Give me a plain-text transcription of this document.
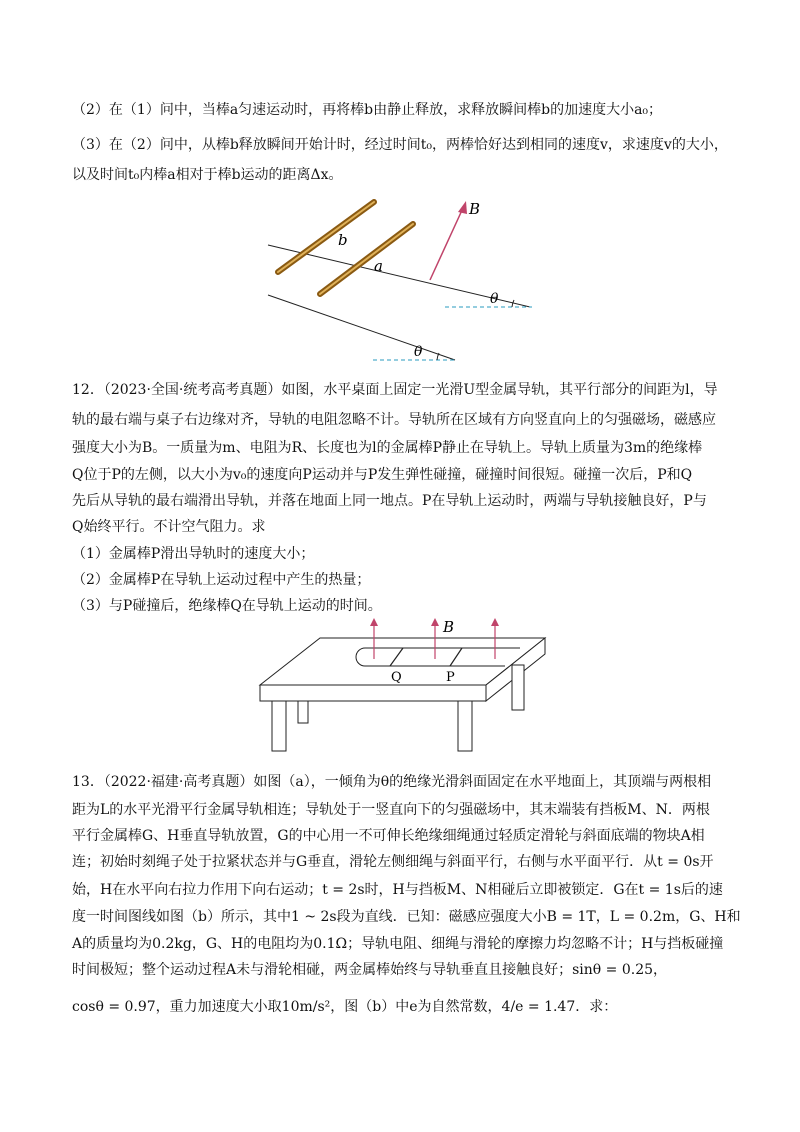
（2）在（1）问中，当棒a匀速运动时，再将棒b由静止释放，求释放瞬间棒b的加速度大小a₀；
（3）在（2）问中，从棒b释放瞬间开始计时，经过时间t₀，两棒恰好达到相同的速度v，求速度v的大小，
以及时间t₀内棒a相对于棒b运动的距离Δx。
B
b
a
θ
θ
12．（2023·全国·统考高考真题）如图，水平桌面上固定一光滑U型金属导轨，其平行部分的间距为l，导
轨的最右端与桌子右边缘对齐，导轨的电阻忽略不计。导轨所在区域有方向竖直向上的匀强磁场，磁感应
强度大小为B。一质量为m、电阻为R、长度也为l的金属棒P静止在导轨上。导轨上质量为3m的绝缘棒
Q位于P的左侧，以大小为v₀的速度向P运动并与P发生弹性碰撞，碰撞时间很短。碰撞一次后，P和Q
先后从导轨的最右端滑出导轨，并落在地面上同一地点。P在导轨上运动时，两端与导轨接触良好，P与
Q始终平行。不计空气阻力。求
（1）金属棒P滑出导轨时的速度大小；
（2）金属棒P在导轨上运动过程中产生的热量；
（3）与P碰撞后，绝缘棒Q在导轨上运动的时间。
B
Q	P
13．（2022·福建·高考真题）如图（a），一倾角为θ的绝缘光滑斜面固定在水平地面上，其顶端与两根相
距为L的水平光滑平行金属导轨相连；导轨处于一竖直向下的匀强磁场中，其末端装有挡板M、N．两根
平行金属棒G、H垂直导轨放置，G的中心用一不可伸长绝缘细绳通过轻质定滑轮与斜面底端的物块A相
连；初始时刻绳子处于拉紧状态并与G垂直，滑轮左侧细绳与斜面平行，右侧与水平面平行．从t = 0s开
始，H在水平向右拉力作用下向右运动；t = 2s时，H与挡板M、N相碰后立即被锁定．G在t = 1s后的速
度一时间图线如图（b）所示，其中1 ~ 2s段为直线．已知：磁感应强度大小B = 1T，L = 0.2m，G、H和
A的质量均为0.2kg，G、H的电阻均为0.1Ω；导轨电阻、细绳与滑轮的摩擦力均忽略不计；H与挡板碰撞
时间极短；整个运动过程A未与滑轮相碰，两金属棒始终与导轨垂直且接触良好；sinθ = 0.25，
cosθ = 0.97，重力加速度大小取10m/s²，图（b）中e为自然常数，4/e = 1.47．求：
